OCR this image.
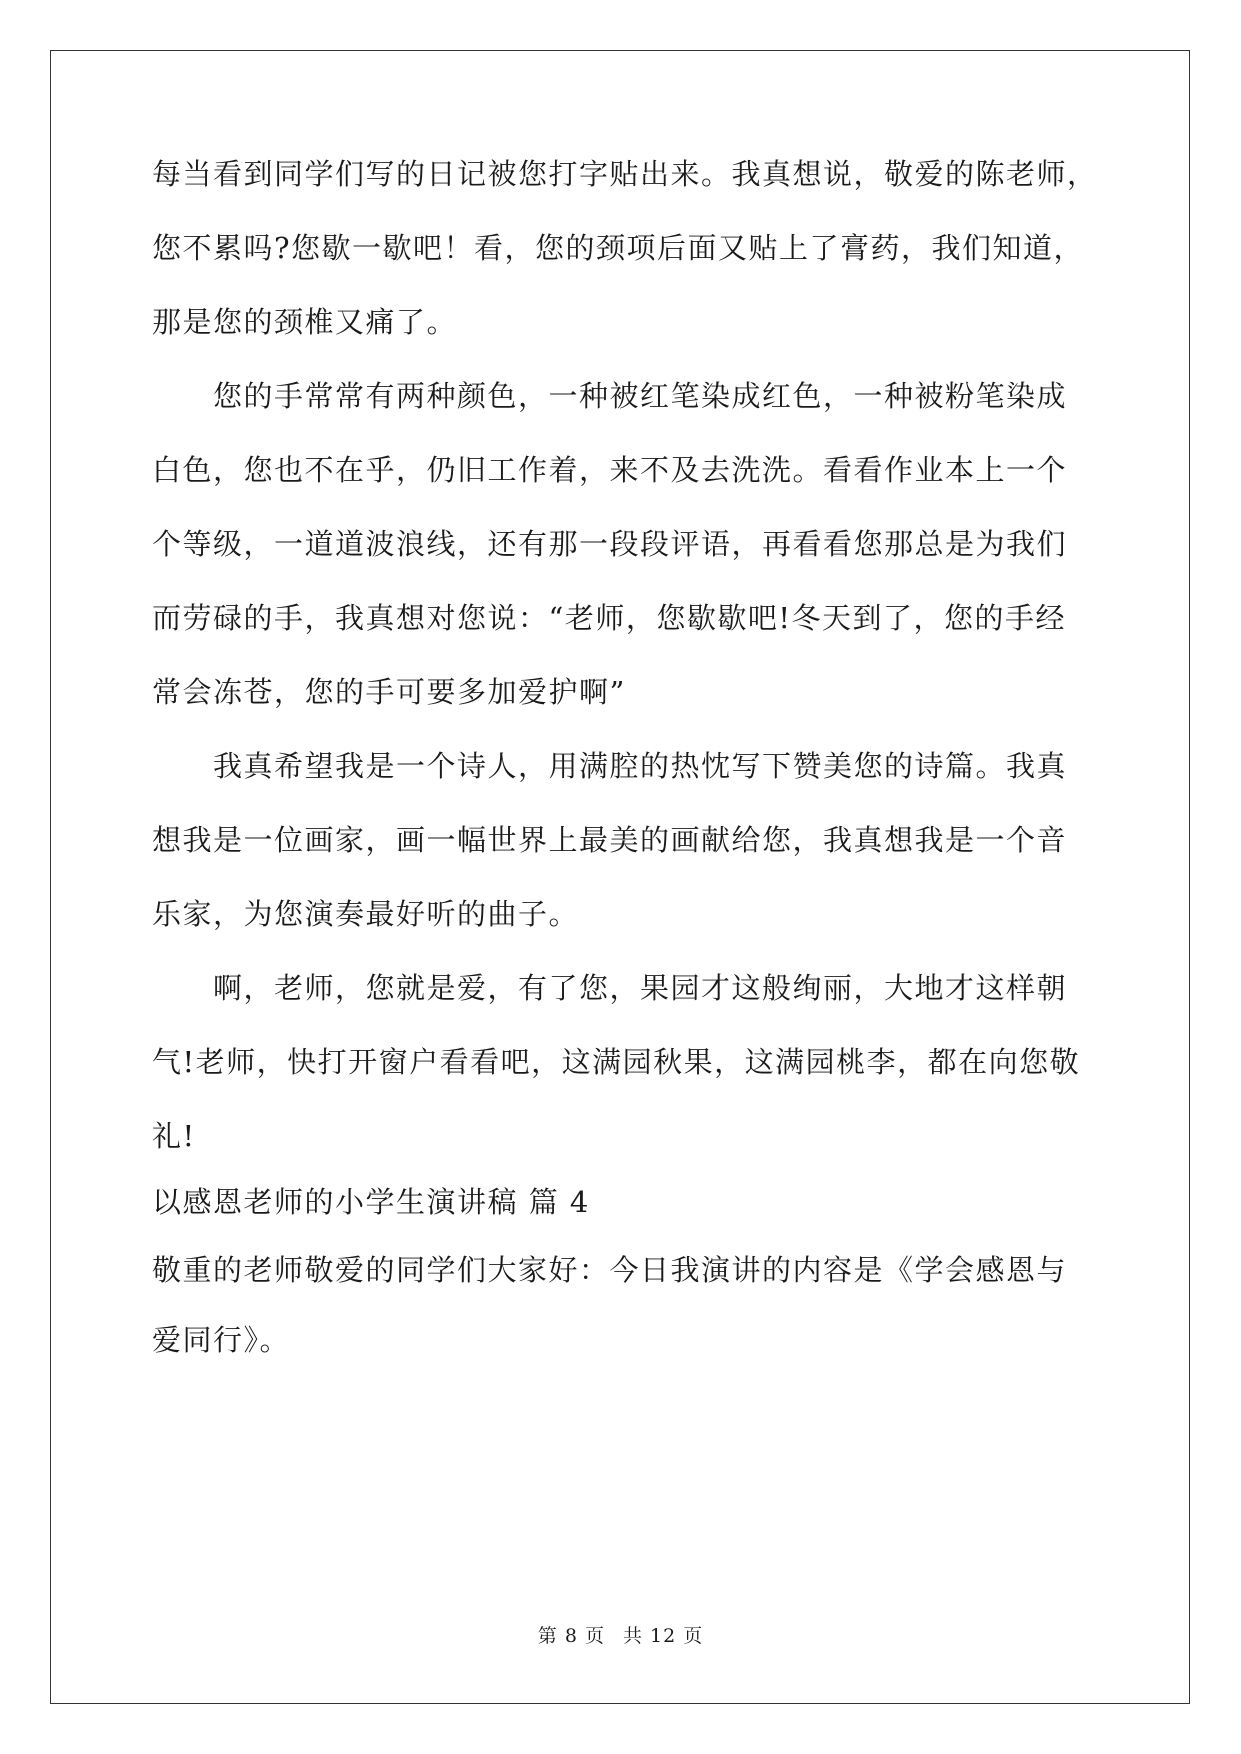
每当看到同学们写的日记被您打字贴出来。我真想说，敬爱的陈老师，
您不累吗?您歇一歇吧！看，您的颈项后面又贴上了膏药，我们知道，
那是您的颈椎又痛了。
　　您的手常常有两种颜色，一种被红笔染成红色，一种被粉笔染成
白色，您也不在乎，仍旧工作着，来不及去洗洗。看看作业本上一个
个等级，一道道波浪线，还有那一段段评语，再看看您那总是为我们
而劳碌的手，我真想对您说：“老师，您歇歇吧!冬天到了，您的手经
常会冻苍，您的手可要多加爱护啊”
　　我真希望我是一个诗人，用满腔的热忱写下赞美您的诗篇。我真
想我是一位画家，画一幅世界上最美的画献给您，我真想我是一个音
乐家，为您演奏最好听的曲子。
　　啊，老师，您就是爱，有了您，果园才这般绚丽，大地才这样朝
气!老师，快打开窗户看看吧，这满园秋果，这满园桃李，都在向您敬
礼!
以感恩老师的小学生演讲稿 篇 4
敬重的老师敬爱的同学们大家好：今日我演讲的内容是《学会感恩与
爱同行》。
第 8 页 共 12 页
